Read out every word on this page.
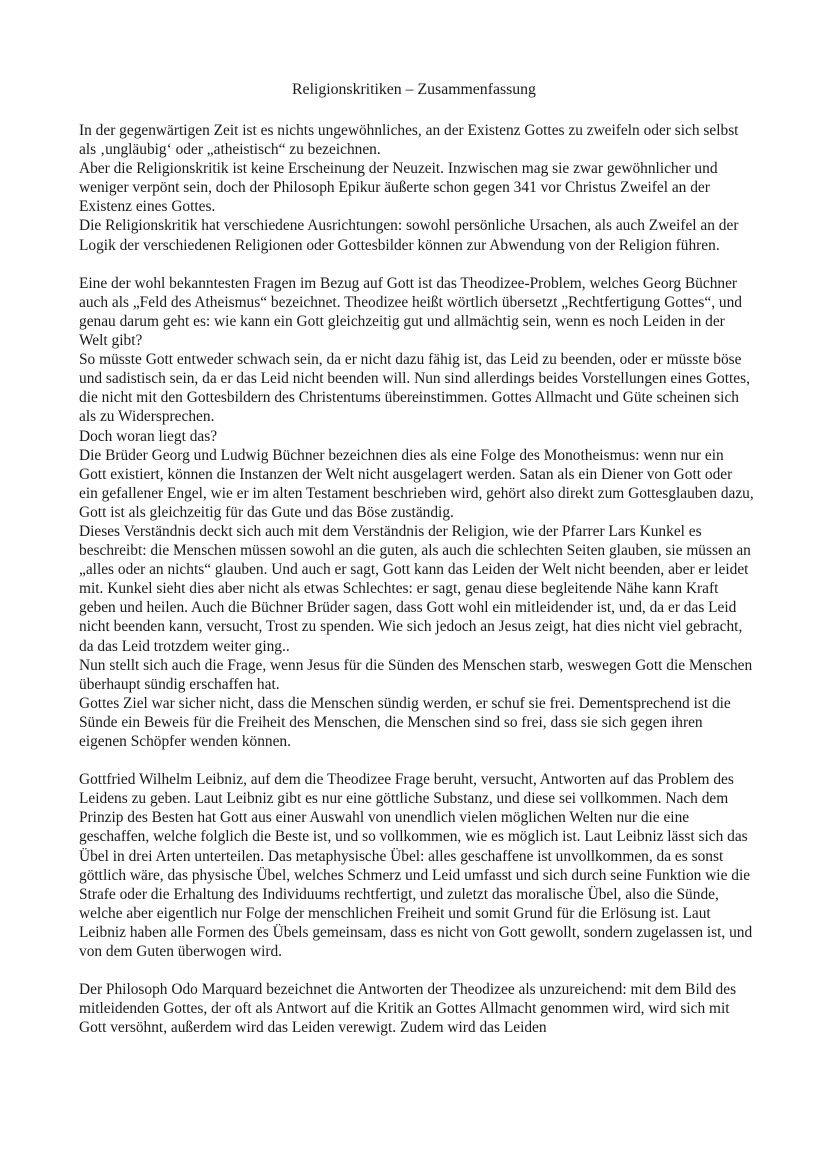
Religionskritiken – Zusammenfassung

In der gegenwärtigen Zeit ist es nichts ungewöhnliches, an der Existenz Gottes zu zweifeln oder sich selbst als ‚ungläubig‘ oder „atheistisch“ zu bezeichnen.

Aber die Religionskritik ist keine Erscheinung der Neuzeit. Inzwischen mag sie zwar gewöhnlicher und weniger verpönt sein, doch der Philosoph Epikur äußerte schon gegen 341 vor Christus Zweifel an der Existenz eines Gottes.

Die Religionskritik hat verschiedene Ausrichtungen: sowohl persönliche Ursachen, als auch Zweifel an der Logik der verschiedenen Religionen oder Gottesbilder können zur Abwendung von der Religion führen.

Eine der wohl bekanntesten Fragen im Bezug auf Gott ist das Theodizee-Problem, welches Georg Büchner auch als „Feld des Atheismus“ bezeichnet. Theodizee heißt wörtlich übersetzt „Rechtfertigung Gottes“, und genau darum geht es: wie kann ein Gott gleichzeitig gut und allmächtig sein, wenn es noch Leiden in der Welt gibt?

So müsste Gott entweder schwach sein, da er nicht dazu fähig ist, das Leid zu beenden, oder er müsste böse und sadistisch sein, da er das Leid nicht beenden will. Nun sind allerdings beides Vorstellungen eines Gottes, die nicht mit den Gottesbildern des Christentums übereinstimmen. Gottes Allmacht und Güte scheinen sich als zu Widersprechen.

Doch woran liegt das?

Die Brüder Georg und Ludwig Büchner bezeichnen dies als eine Folge des Monotheismus: wenn nur ein Gott existiert, können die Instanzen der Welt nicht ausgelagert werden. Satan als ein Diener von Gott oder ein gefallener Engel, wie er im alten Testament beschrieben wird, gehört also direkt zum Gottesglauben dazu, Gott ist als gleichzeitig für das Gute und das Böse zuständig.

Dieses Verständnis deckt sich auch mit dem Verständnis der Religion, wie der Pfarrer Lars Kunkel es beschreibt: die Menschen müssen sowohl an die guten, als auch die schlechten Seiten glauben, sie müssen an „alles oder an nichts“ glauben. Und auch er sagt, Gott kann das Leiden der Welt nicht beenden, aber er leidet mit. Kunkel sieht dies aber nicht als etwas Schlechtes: er sagt, genau diese begleitende Nähe kann Kraft geben und heilen. Auch die Büchner Brüder sagen, dass Gott wohl ein mitleidender ist, und, da er das Leid nicht beenden kann, versucht, Trost zu spenden. Wie sich jedoch an Jesus zeigt, hat dies nicht viel gebracht, da das Leid trotzdem weiter ging..

Nun stellt sich auch die Frage, wenn Jesus für die Sünden des Menschen starb, weswegen Gott die Menschen überhaupt sündig erschaffen hat.

Gottes Ziel war sicher nicht, dass die Menschen sündig werden, er schuf sie frei. Dementsprechend ist die Sünde ein Beweis für die Freiheit des Menschen, die Menschen sind so frei, dass sie sich gegen ihren eigenen Schöpfer wenden können.

Gottfried Wilhelm Leibniz, auf dem die Theodizee Frage beruht, versucht, Antworten auf das Problem des Leidens zu geben. Laut Leibniz gibt es nur eine göttliche Substanz, und diese sei vollkommen. Nach dem Prinzip des Besten hat Gott aus einer Auswahl von unendlich vielen möglichen Welten nur die eine geschaffen, welche folglich die Beste ist, und so vollkommen, wie es möglich ist. Laut Leibniz lässt sich das Übel in drei Arten unterteilen. Das metaphysische Übel: alles geschaffene ist unvollkommen, da es sonst göttlich wäre, das physische Übel, welches Schmerz und Leid umfasst und sich durch seine Funktion wie die Strafe oder die Erhaltung des Individuums rechtfertigt, und zuletzt das moralische Übel, also die Sünde, welche aber eigentlich nur Folge der menschlichen Freiheit und somit Grund für die Erlösung ist. Laut Leibniz haben alle Formen des Übels gemeinsam, dass es nicht von Gott gewollt, sondern zugelassen ist, und von dem Guten überwogen wird.

Der Philosoph Odo Marquard bezeichnet die Antworten der Theodizee als unzureichend: mit dem Bild des mitleidenden Gottes, der oft als Antwort auf die Kritik an Gottes Allmacht genommen wird, wird sich mit Gott versöhnt, außerdem wird das Leiden verewigt. Zudem wird das Leiden
